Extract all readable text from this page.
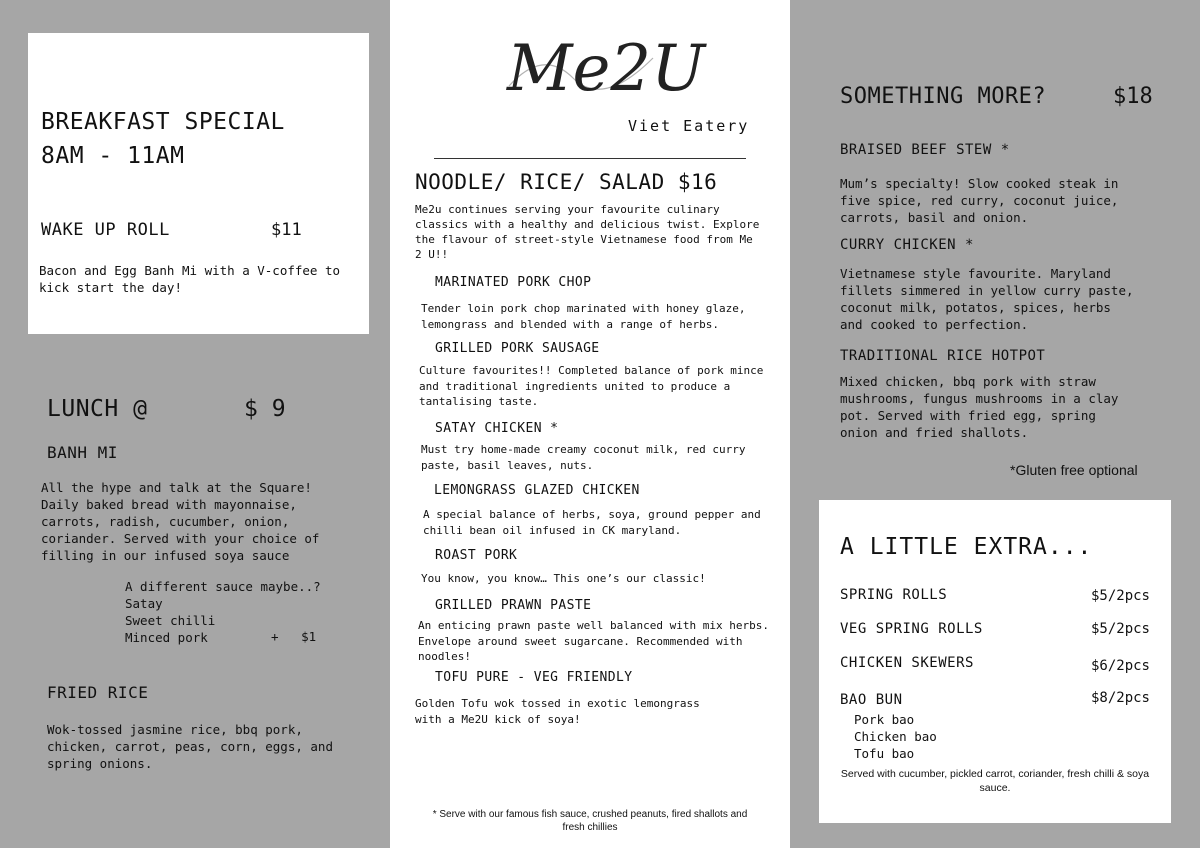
BREAKFAST SPECIAL
8AM - 11AM
WAKE UP ROLL	$11
Bacon and Egg Banh Mi with a V-coffee to kick start the day!
LUNCH @	$ 9
BANH MI
All the hype and talk at the Square! Daily baked bread with mayonnaise, carrots, radish, cucumber, onion, coriander. Served with your choice of filling in our infused soya sauce
A different sauce maybe..?
Satay
Sweet chilli
Minced pork	+   $1
FRIED RICE
Wok-tossed jasmine rice, bbq pork, chicken, carrot, peas, corn, eggs, and spring onions.
Me2U
Viet Eatery
NOODLE/ RICE/ SALAD $16
Me2u continues serving your favourite culinary classics with a healthy and delicious twist. Explore the flavour of street-style Vietnamese food from Me 2 U!!
MARINATED PORK CHOP
Tender loin pork chop marinated with honey glaze, lemongrass and blended with a range of herbs.
GRILLED PORK SAUSAGE
Culture favourites!! Completed balance of pork mince and traditional ingredients united to produce a tantalising taste.
SATAY CHICKEN *
Must try home-made creamy coconut milk, red curry paste, basil leaves, nuts.
LEMONGRASS GLAZED CHICKEN
A special balance of herbs, soya, ground pepper and chilli bean oil infused in CK maryland.
ROAST PORK
You know, you know… This one’s our classic!
GRILLED PRAWN PASTE
An enticing prawn paste well balanced with mix herbs. Envelope around sweet sugarcane. Recommended with noodles!
TOFU PURE - VEG FRIENDLY
Golden Tofu wok tossed in exotic lemongrass with a Me2U kick of soya!
* Serve with our famous fish sauce, crushed peanuts, fired shallots and fresh chillies
SOMETHING MORE?	$18
BRAISED BEEF STEW *
Mum’s specialty! Slow cooked steak in five spice, red curry, coconut juice, carrots, basil and onion.
CURRY CHICKEN *
Vietnamese style favourite. Maryland fillets simmered in yellow curry paste, coconut milk, potatos, spices, herbs and cooked to perfection.
TRADITIONAL RICE HOTPOT
Mixed chicken, bbq pork with straw mushrooms, fungus mushrooms in a clay pot. Served with fried egg, spring onion and fried shallots.
*Gluten free optional
A LITTLE EXTRA...
SPRING ROLLS	$5/2pcs
VEG SPRING ROLLS	$5/2pcs
CHICKEN SKEWERS	$6/2pcs
BAO BUN	$8/2pcs
Pork bao
Chicken bao
Tofu bao
Served with cucumber, pickled carrot, coriander, fresh chilli & soya sauce.
